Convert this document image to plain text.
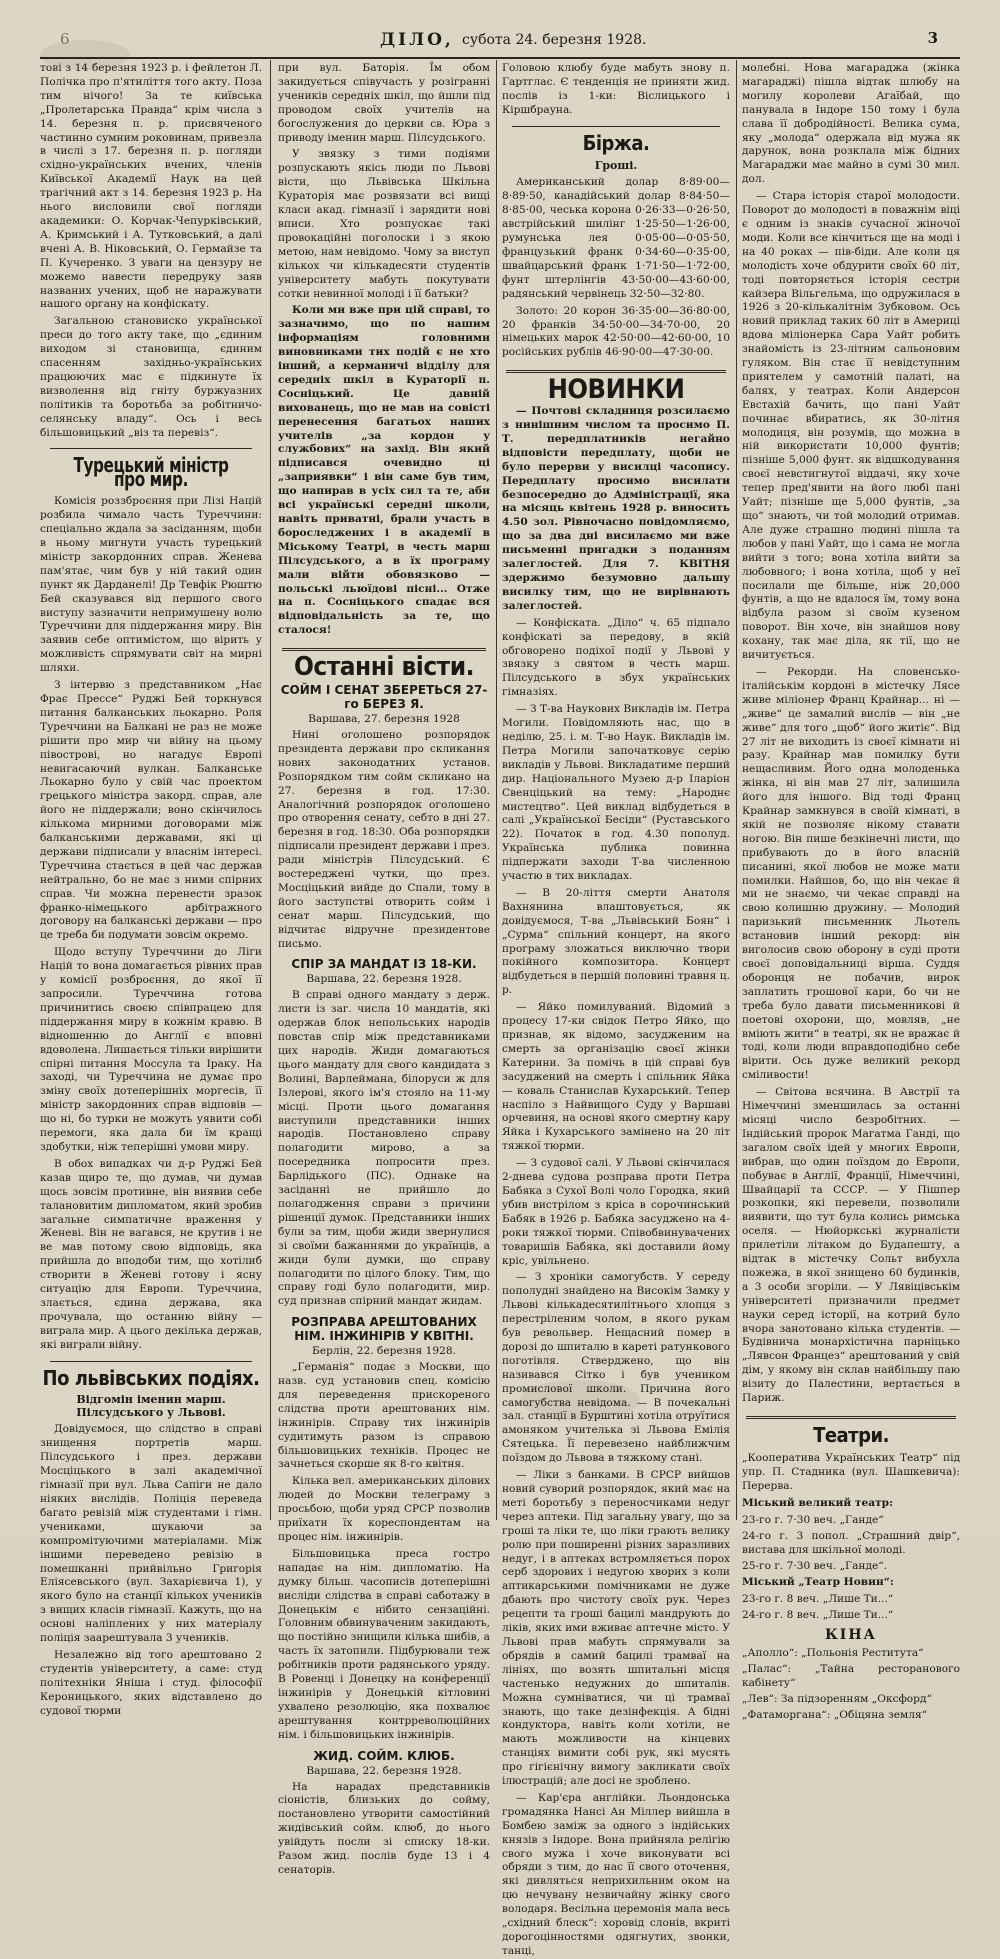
6	ДІЛО, субота 24. березня 1928.	3

тові з 14 березня 1923 р. і фейлетон Л. Полічка про п'ятиліття того акту. Поза тим нічого! За те київська „Пролетарська Правда“ крім числа з 14. березня п. р. присвяченого частинно сумним роковинам, привезла в числі з 17. березня п. р. погляди східно-українських вчених, членів Київської Академії Наук на цей трагічний акт з 14. березня 1923 р. На нього висловили свої погляди академики: О. Корчак-Чепурківський, А. Кримський і А. Тутковський, а далі вчені А. В. Ніковський, О. Гермайзе та П. Кучеренко. З уваги на цензуру не можемо навести передруку заяв названих учених, щоб не наражувати нашого органу на конфіскату.

Загальною становиско української преси до того акту таке, що „єдиним виходом зі становища, єдиним спасенням західньо-українських працюючих мас є підкинуте їх визволення від гніту буржуазних політиків та боротьба за робітничо-селянську владу“. Ось і весь більшовицький „віз та перевіз“.

Турецький міністр про мир.

Комісія роззброєння при Лізі Націй розбила чимало часть Туреччини: спеціально ждала за засіданням, щоби в ньому мигнути участь турецький міністр закордонних справ. Женева пам'ятає, чим був у ній такий один пункт як Дарданелі! Др Тевфік Рюштю Бей сказувався від першого свого виступу зазначити непримушену волю Туреччини для піддержання миру. Він заявив себе оптимістом, що вірить у можливість спрямувати світ на мирні шляхи.

З інтервю з представником „Нає Фрає Прессе“ Руджі Бей торкнувся питання балканських льокарно. Роля Туреччини на Балкані не раз не може рішити про мир чи війну на цьому півострові, но нагадує Европі невигасаючий вулкан. Балканське Льокарно було у свій час проектом грецького міністра закорд. справ, але його не піддержали; воно скінчилось кількома мирними договорами між балканськими державами, які ці держави підписали у власнім інтересі. Туреччина стається в цей час держав нейтрально, бо не має з ними спірних справ. Чи можна перенести зразок франко-німецького арбітражного договору на балканські держави — про це треба би подумати зовсім окремо.

Щодо вступу Туреччини до Ліги Націй то вона домагається рівних прав у комісії розброєння, до якої її запросили. Туреччина готова причинитись своєю співпрацею для піддержання миру в кожнім кравю. В відношенню до Англії є вповні вдоволена. Лишається тільки вирішити спірні питання Моссула та Іраку. На заході, чи Туреччина не думає про зміну своїх дотеперішніх моргесів, її міністр закордонних справ відповів — що ні, бо турки не можуть уявити собі перемоги, яка дала би їм кращі здобутки, ніж теперішні умови миру.

В обох випадках чи д-р Руджі Бей казав щиро те, що думав, чи думав щось зовсім противне, він виявив себе талановитим дипломатом, який зробив загальне симпатичне враження у Женеві. Він не вагався, не крутив і не ве мав потому свою відповідь, яка прийшла до вподоби тим, що хотілиб створити в Женеві готову і ясну ситуацію для Европи. Туреччина, злається, єдина держава, яка прочувала, що останню війну — виграла мир. А цього декілька держав, які виграли війну.

По львівських подіях.
Відгомін іменин марш. Пілсудського у Львові.

Довідуємося, що слідство в справі знищення портретів марш. Пілсудського і през. держави Мосціцького в залі академічної гімназії при вул. Льва Сапіги не дало ніяких вислідів. Поліція переведа багато ревізій між студентами і гімн. учениками, шукаючи за компромітуючими матеріалами. Між іншими переведено ревізію в помешканні прийвільно Григорія Еліясевського (вул. Захарієвича 1), у якого було на станції кількох учеників з вищих класів гімназії. Кажуть, що на основі наліплених у них матеріалу поліція заарештувала 3 учеників.

Незалежно від того арештовано 2 студентів університету, а саме: студ політехніки Яніша і студ. філософії Кероницького, яких відставлено до судової тюрми

при вул. Баторія. Їм обом закидується співучасть у розігранні учеників середніх шкіл, що йшли під проводом своїх учителів на богослужения до церкви св. Юра з приводу іменин марш. Пілсудського.

У звязку з тими подіями розпускають якісь люди по Львові вісти, що Львівська Шкільна Кураторія має розвязати всі вищі класи акад. гімназії і зарядити нові вписи. Хто розпускає такі провокаційні поголоски і з якою метою, нам невідомо. Чому за виступ кількох чи кількадесяти студентів університету мабуть покутувати сотки невинної молоді і її батьки?

Коли ми вже при цій справі, то зазначимо, що по нашим інформаціям головними виновниками тих подій є не хто інший, а керманичі відділу для середніх шкіл в Кураторії п. Сосніцький. Це давній вихованець, що не мав на совісті перенесення багатьох наших учителів „за кордон у службових“ на захід. Він який підписався очевидно ці „заприявки“ і він саме був тим, що напирав в усіх сил та те, аби всі українські середні школи, навіть приватні, брали участь в бороследжених і в академії в Міському Театрі, в честь марш Пілсудського, а в їх програму мали війти обовязково — польські льюїдові пісні... Отже на п. Сосніцького спадає вся відповідальність за те, що сталося!

Останні вісти.
СОЙМ І СЕНАТ ЗБЕРЕТЬСЯ 27-го БЕРЕЗ Я.
Варшава, 27. березня 1928

Нині оголошено розпорядок президента держави про скликання нових законодатних установ. Розпорядком тим сойм скликано на 27. березня в год. 17:30. Аналогічний розпорядок оголошено про отворення сенату, себто в дні 27. березня в год. 18:30. Оба розпорядки підписали президент держави і през. ради міністрів Пілсудський. Є востереджені чутки, що през. Мосціцький вийде до Спали, тому в його заступстві отворить сойм і сенат марш. Пілсудський, що відчитає відручне президентове письмо.

СПІР ЗА МАНДАТ ІЗ 18-КИ.
Варшава, 22. березня 1928.

В справі одного мандату з держ. листи із заг. числа 10 мандатів, які одержав блок непольських народів повстав спір між представниками цих народів. Жиди домагаються цього мандату для свого кандидата з Волині, Варлеймана, білоруси ж для Ізлерові, якого ім'я стояло на 11-му місці. Проти цього домагання виступили представники інших народів. Постановлено справу полагодити мирово, а за посередника попросити през. Барлідького (ПС). Однаке на засіданні не прийшло до полагодження справи з причини рішенції думок. Представники інших були за тим, щоби жиди звернулися зі своїми бажаннями до українців, а жиди були думки, що справу полагодити по цілого блоку. Тим, що справу годі було полагодити, мир. суд признав спірний мандат жидам.

РОЗПРАВА АРЕШТОВАНИХ НІМ. ІНЖИНІРІВ У КВІТНІ.
Берлін, 22. березня 1928.

„Германія“ подає з Москви, що назв. суд установив спец. комісію для переведення прискореного слідства проти арештованих нім. інжинірів. Справу тих інжинірів судитимуть разом із справою більшовицьких техніків. Процес не зачнеться скорше як 8-го квітня.

Кілька вел. американських ділових людей до Москви телеграму з просьбою, щоби уряд СРСР позволив приїхати їх кореспондентам на процес нім. інжинірів.

Більшовицька преса гостро нападає на нім. дипломатію. На думку більш. часописів дотеперішні висліди слідства в справі саботажу в Донецькім є нібито сензаційні. Головним обвинуваченим закидають, що постійно знищили кілька шибів, а часть їх затопили. Підбурювали теж робітників проти радянського уряду. В Ровенці і Донецку на конференції інжинірів у Донецькій кітловині ухвалено резолюцію, яка похвалює арештування контрреволюційних нім. і більшовицьких інжинірів.

ЖИД. СОЙМ. КЛЮБ.
Варшава, 22. березня 1928.

На нарадах представників сіоністів, близьких до сойму, постановлено утворити самостійний жидівський сойм. клюб, до нього увійдуть посли зі списку 18-ки. Разом жид. послів буде 13 і 4 сенаторів.

Головою клюбу буде мабуть знову п. Гартглас. Є тенденція не приняти жид. послів із 1-ки: Віслицького і Кіршбрауна.

Біржа.
Гроші.

Американський долар 8·89·00—8·89·50, канадійський долар 8·84·50—8·85·00, чеська корона 0·26·33—0·26·50, австрійський шилінг 1·25·50—1·26·00, румунська лея 0·05·00—0·05·50, французький франк 0·34·60—0·35·00, швайцарський франк 1·71·50—1·72·00, фунт штерлінгів 43·50·00—43·60·00, радянський червінець 32·50—32·80.

Золото: 20 корон 36·35·00—36·80·00, 20 франків 34·50·00—34·70·00, 20 німецьких марок 42·50·00—42·60·00, 10 російських рублів 46·90·00—47·30·00.

НОВИНКИ

— Почтові складниця розсилаємо з нинішним числом та просимо П. Т. передплатників негайно відповісти передплату, щоби не було перерви у висилці часопису. Передплату просимо висилати безпосередно до Адміністрації, яка на місяць квітень 1928 р. виносить 4.50 зол. Рівночасно повідомляємо, що за два дні висилаємо ми вже письменні пригадки з поданням залеглостей. Для 7. КВІТНЯ здержимо безумовно дальшу висилку тим, що не вирівнають залеглостей.

— Конфіската. „Діло“ ч. 65 підпало конфіскаті за передову, в якій обговорено подіхої події у Львові у звязку з святом в честь марш. Пілсудського в збух українських гімназіях.

— З Т-ва Наукових Викладів ім. Петра Могили. Повідомляють нас, що в неділю, 25. і. м. Т-во Наук. Викладів ім. Петра Могили започатковує серію викладів у Львові. Викладатиме перший дир. Національного Музею д-р Іларіон Свенціцький на тему: „Народнє мистецтво“. Цей виклад відбудеться в салі „Української Бесіди“ (Руставського 22). Початок в год. 4.30 пополуд. Українська публика повинна підпержати заходи Т-ва численною участю в тих викладах.

— В 20-ліття смерти Анатоля Вахнянина влаштовується, як довідуємося, Т-ва „Львівський Боян“ і „Сурма“ спільний концерт, на якого програму зложаться виключно твори покійного композитора. Концерт відбудеться в першій половині травня ц. р.

— Яйко помилуваний. Відомий з процесу 17-ки свідок Петро Яйко, що признав, як відомо, засудженим на смерть за організацію своєї жінки Катерини. За помічь в цій справі був засуджений на смерть і спільник Яйка — коваль Станислав Кухарський. Тепер наспіло з Найвищого Суду у Варшаві орчевиня, на основі якого смертну кару Яйка і Кухарського замінено на 20 літ тяжкої тюрми.

— З судової салі. У Львові скінчилася 2-днева судова розправа проти Петра Бабяка з Сухої Волі чоло Городка, який убив вистрілом з кріса в сорочинський Бабяк в 1926 р. Бабяка засуджено на 4-роки тяжкої тюрми. Співобвинувачених товаришів Бабяка, які доставили йому кріс, увільнено.

— З хроніки самогубств. У середу пополудні знайдено на Високім Замку у Львові кількадесятилітнього хлопця з перестріленим чолом, в якого рукам був револьвер. Нещасний помер в дорозі до шпиталю в кареті ратункового поготівля. Стверджено, що він називався Сітко і був учеником промислової школи. Причина його самогубства невідома. — В почекальні зал. станції в Бурштині хотіла отруїтися амоняком учителька зі Львова Емілія Сятецька. Її перевезено найближчим поїздом до Львова в тяжкому стані.

— Ліки з банками. В СРСР вийшов новий суворий розпорядок, який має на меті боротьбу з переносчиками недуг через аптеки. Під загальну увагу, що за гроші та ліки те, що ліки грають велику ролю при поширенні різних заразливих недуг, і в аптеках встромляється порох серб здорових і недугою хворих з коли аптикарськими помічниками не дуже дбають про чистоту своїх рук. Через рецепти та гроші бацилі мандрують до ліків, яких ими вживає аптечне місто. У Львові прав мабуть спрямували за обрядів в самий бацилі трамваї на лініях, що возять шпитальні місця частенько недужних до шпиталів. Можна сумніватися, чи ці трамваї знають, що таке дезінфекція. А бідні кондуктора, навіть коли хотіли, не мають можливости на кінцевих станціях вимити собі рук, які мусять про гігієнічну вимогу закликати своїх ілюстрацій; але досі не зроблено.

— Кар'єра англійки. Льондонська громадянка Нансі Ан Міллер вийшла в Бомбею заміж за одного з індійських князів з Індоре. Вона прийняла релігію свого мужа і хоче виконувати всі обряди з тим, до нас її свого оточення, які дивляться неприхильним оком на цю нечувану незвичайну жінку свого володаря. Весільна церемонія мала весь „східний блеск“: хоровід слонів, вкриті дорогоцінностями одягнутих, звонки, танці,

молебні. Нова магараджа (жінка магараджі) пішла відтак шлюбу на могилу королеви Агаїбай, що панувала в Індоре 150 тому і була слава її добродійності. Велика сума, яку „молода“ одержала від мужа як дарунок, вона розклала між бідних Магараджи має майно в сумі 30 мил. дол.

— Стара історія старої молодости. Поворот до молодості в поважнім віці є одним із знаків сучасної жіночої моди. Коли все кінчиться ще на моді і на 40 роках — пів-біди. Але коли ця молодість хоче обдурити своїх 60 літ, тоді повторяється історія сестри кайзера Вільгельма, що одружилася в 1926 з 20-кількалітнім Зубковом. Ось новий приклад таких 60 літ в Америці вдова міліонерка Сара Уайт робить знайомість із 23-літним сальоновим гуляком. Він стає її невідступним приятелем у самотній палаті, на балях, у театрах. Коли Андерсон Евстахій бачить, що пані Уайт починає вбиратись, як 30-літня молодиця, він розумів, що можна в ній використати 10,000 фунтів; пізніше 5,000 фунт. як відшкодування своєї невстигнутої віддачі, яку хоче тепер пред'явити на його любі пані Уайт; пізніше ще 5,000 фунтів, „за що“ знають, чи той молодий отримав. Але дуже страшно людині пішла та любов у пані Уайт, що і сама не могла вийти з того; вона хотіла вийти за любовного; і вона хотіла, щоб у неї посилали ще більше, ніж 20,000 фунтів, а що не вдалося їм, тому вона відбула разом зі своїм кузеном поворот. Він хоче, він знайшов нову кохану, так має діла, як тії, що не вичитується.

— Рекорди. На словенсько-італійськім кордоні в містечку Лясе живе міліонер Франц Крайнар... ні — „живе“ це замалий вислів — він „не живе“ для того „щоб“ його житіє“. Від 27 літ не виходить із своєї кімнати ні разу. Крайнар мав помилку бути нещасливим. Його одна молоденька жінка, ні він мав 27 літ, залишила його для іншого. Від тоді Франц Крайнар замкнувся в своїй кімнаті, в якій не позволяє нікому ставати ногою. Він пише безкінечні листи, що прибувають до в його власній писанині, якої любов не може мати помилки. Найшов, бо, що він чекає й ми не знаємо, чи чекає справді на свою колишню дружину. — Молодий паризький письменник Льотель встановив інший рекорд: він виголосив свою оборону в суді проти своєї доповідальниці вірша. Суддя оборонця не побачив, вирок заплатить грошової кари, бо чи не треба було давати письменникові й поетові охорони, що, мовляв, „не вміють жити“ в театрі, як не вражає й тоді, коли люди вправдоподібно себе вірити. Ось дуже великий рекорд сміливости!

— Світова всячина. В Австрії та Німеччині зменшилась за останні місяці число безробітних. — Індійський пророк Магатма Ганді, що загалом своїх ідей у многих Европи, вибрав, що один поїздом до Европи, побуває в Англії, Франції, Німеччині, Швайцарії та СССР. — У Пішпер розкопки, які перевели, позволили виявити, що тут була колись римська оселя. — Нюйоркські журналісти прилетіли літаком до Будапешту, а відтак в містечку Сольт вибухла пожежа, в якої знищено 60 будинків, а 3 особи згоріли. — У Лявіцівськім університеті призначили предмет науки серед історії, на котрий було вчора занотовано кілька студентів. — Будівнича монархістична парніцько „Лявсон Францез“ арештований у свій дім, у якому він склав найбільшу паю візиту до Палестини, вертається в Париж.

Театри.

„Кооператива Українських Театр“ під упр. П. Стадника (вул. Шашкевича): Перерва.

Міський великий театр:

23-го г. 7·30 веч. „Ганде“
24-го г. 3 попол. „Страшний двір“, вистава для шкільної молоді.
25-го г. 7·30 веч. „Ганде“.

Міський „Театр Новин“:

23-го г. 8 веч. „Лише Ти...“
24-го г. 8 веч. „Лише Ти...“
КІНА
„Аполло“: „Польонія Реститута“
„Палас“: „Тайна ресторанового кабінету“
„Лев“: За підзоренням „Оксфорд“
„Фатаморгана“: „Обіцяна земля“
